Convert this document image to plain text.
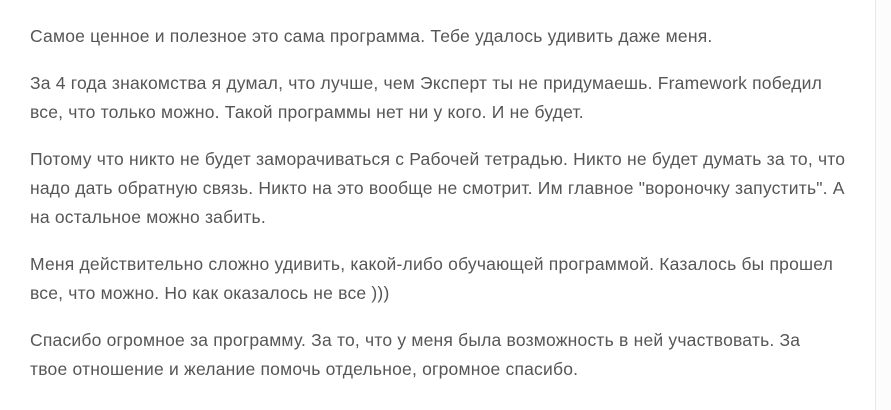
Самое ценное и полезное это сама программа. Тебе удалось удивить даже меня.

За 4 года знакомства я думал, что лучше, чем Эксперт ты не придумаешь. Framework победил
все, что только можно. Такой программы нет ни у кого. И не будет.

Потому что никто не будет заморачиваться с Рабочей тетрадью. Никто не будет думать за то, что
надо дать обратную связь. Никто на это вообще не смотрит. Им главное "вороночку запустить". А
на остальное можно забить.

Меня действительно сложно удивить, какой-либо обучающей программой. Казалось бы прошел
все, что можно. Но как оказалось не все )))

Спасибо огромное за программу. За то, что у меня была возможность в ней участвовать. За
твое отношение и желание помочь отдельное, огромное спасибо.
